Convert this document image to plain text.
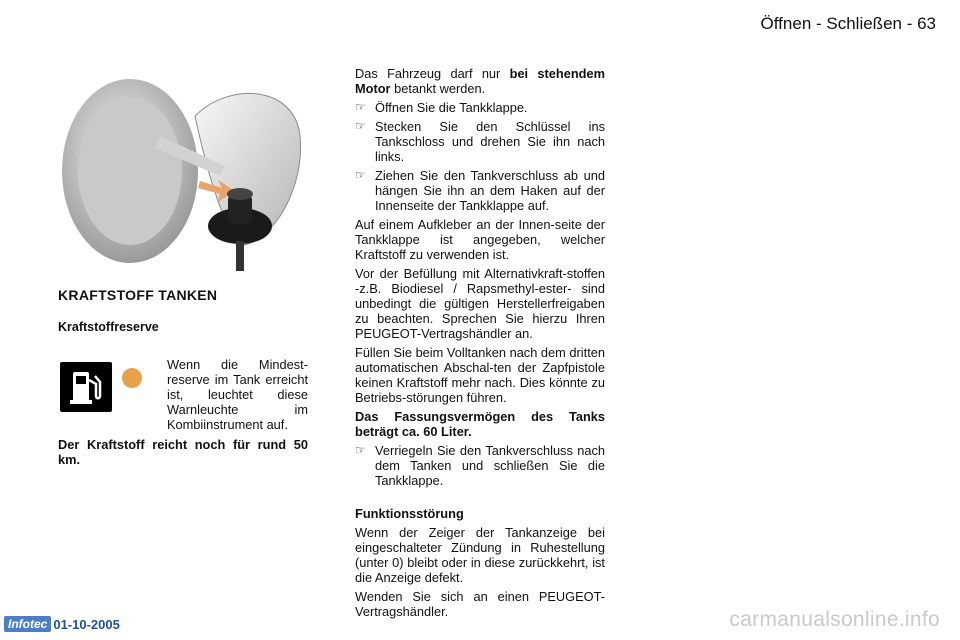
Öffnen - Schließen - 63
KRAFTSTOFF TANKEN
Kraftstoffreserve
Wenn die Mindest-reserve im Tank erreicht ist, leuchtet diese Warnleuchte im Kombiinstrument auf.
Der Kraftstoff reicht noch für rund 50 km.

Das Fahrzeug darf nur bei stehendem Motor betankt werden.

☞ Öffnen Sie die Tankklappe.
☞ Stecken Sie den Schlüssel ins Tankschloss und drehen Sie ihn nach links.
☞ Ziehen Sie den Tankverschluss ab und hängen Sie ihn an dem Haken auf der Innenseite der Tankklappe auf.

Auf einem Aufkleber an der Innen-seite der Tankklappe ist angegeben, welcher Kraftstoff zu verwenden ist.

Vor der Befüllung mit Alternativkraft-stoffen -z.B. Biodiesel / Rapsmethyl-ester- sind unbedingt die gültigen Herstellerfreigaben zu beachten. Sprechen Sie hierzu Ihren PEUGEOT-Vertragshändler an.

Füllen Sie beim Volltanken nach dem dritten automatischen Abschal-ten der Zapfpistole keinen Kraftstoff mehr nach. Dies könnte zu Betriebs-störungen führen.

Das Fassungsvermögen des Tanks beträgt ca. 60 Liter.

☞ Verriegeln Sie den Tankverschluss nach dem Tanken und schließen Sie die Tankklappe.

Funktionsstörung

Wenn der Zeiger der Tankanzeige bei eingeschalteter Zündung in Ruhestellung (unter 0) bleibt oder in diese zurückkehrt, ist die Anzeige defekt.

Wenden Sie sich an einen PEUGEOT-Vertragshändler.

Infotec 01-10-2005	carmanualsonline.info
